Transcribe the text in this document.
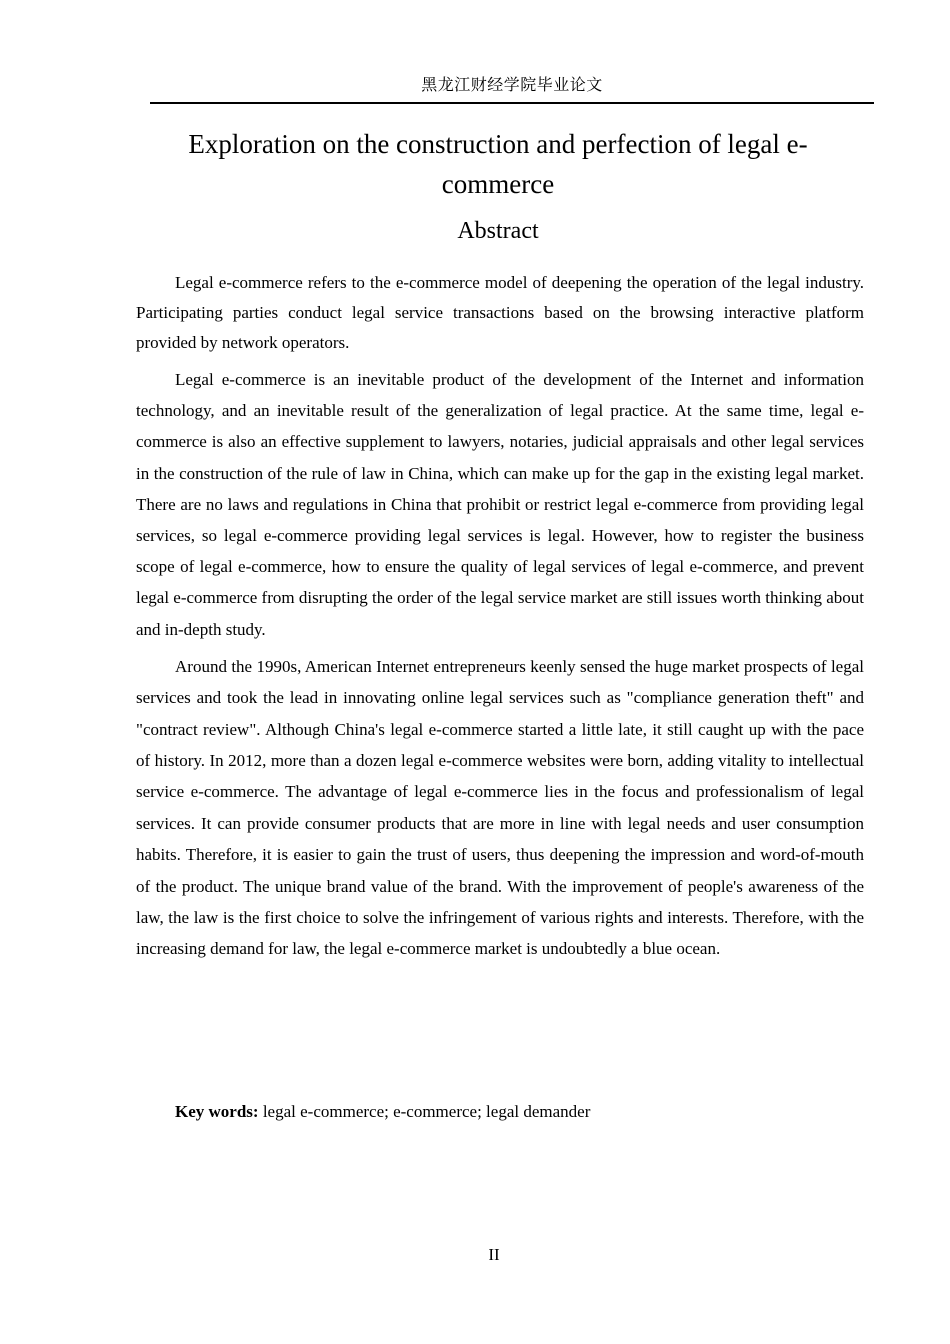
黑龙江财经学院毕业论文
Exploration on the construction and perfection of legal e-commerce
Abstract

Legal e-commerce refers to the e-commerce model of deepening the operation of the legal industry. Participating parties conduct legal service transactions based on the browsing interactive platform provided by network operators.

Legal e-commerce is an inevitable product of the development of the Internet and information technology, and an inevitable result of the generalization of legal practice. At the same time, legal e-commerce is also an effective supplement to lawyers, notaries, judicial appraisals and other legal services in the construction of the rule of law in China, which can make up for the gap in the existing legal market. There are no laws and regulations in China that prohibit or restrict legal e-commerce from providing legal services, so legal e-commerce providing legal services is legal. However, how to register the business scope of legal e-commerce, how to ensure the quality of legal services of legal e-commerce, and prevent legal e-commerce from disrupting the order of the legal service market are still issues worth thinking about and in-depth study.

Around the 1990s, American Internet entrepreneurs keenly sensed the huge market prospects of legal services and took the lead in innovating online legal services such as "compliance generation theft" and "contract review". Although China's legal e-commerce started a little late, it still caught up with the pace of history. In 2012, more than a dozen legal e-commerce websites were born, adding vitality to intellectual service e-commerce. The advantage of legal e-commerce lies in the focus and professionalism of legal services. It can provide consumer products that are more in line with legal needs and user consumption habits. Therefore, it is easier to gain the trust of users, thus deepening the impression and word-of-mouth of the product. The unique brand value of the brand. With the improvement of people's awareness of the law, the law is the first choice to solve the infringement of various rights and interests. Therefore, with the increasing demand for law, the legal e-commerce market is undoubtedly a blue ocean.

Key words: legal e-commerce; e-commerce; legal demander
II
